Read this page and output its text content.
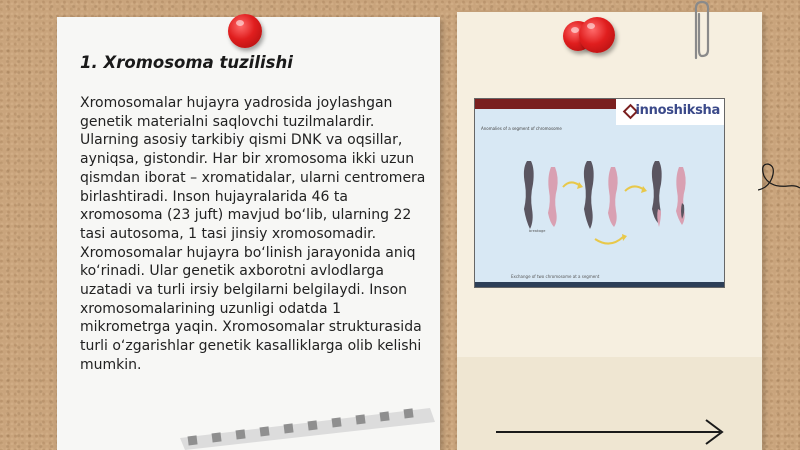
1. Xromosoma tuzilishi

Xromosomalar hujayra yadrosida joylashgan genetik materialni saqlovchi tuzilmalardir. Ularning asosiy tarkibiy qismi DNK va oqsillar, ayniqsa, gistondir. Har bir xromosoma ikki uzun qismdan iborat – xromatidalar, ularni centromera birlashtiradi. Inson hujayralarida 46 ta xromosoma (23 juft) mavjud bo‘lib, ularning 22 tasi autosoma, 1 tasi jinsiy xromosomadir. Xromosomalar hujayra bo‘linish jarayonida aniq ko‘rinadi. Ular genetik axborotni avlodlarga uzatadi va turli irsiy belgilarni belgilaydi. Inson xromosomalarining uzunligi odatda 1 mikrometrga yaqin. Xromosomalar strukturasida turli o‘zgarishlar genetik kasalliklarga olib kelishi mumkin.

innoshiksha
Anomalies of a segment of chromosome
breakage
Exchange of two chromosome at a segment
